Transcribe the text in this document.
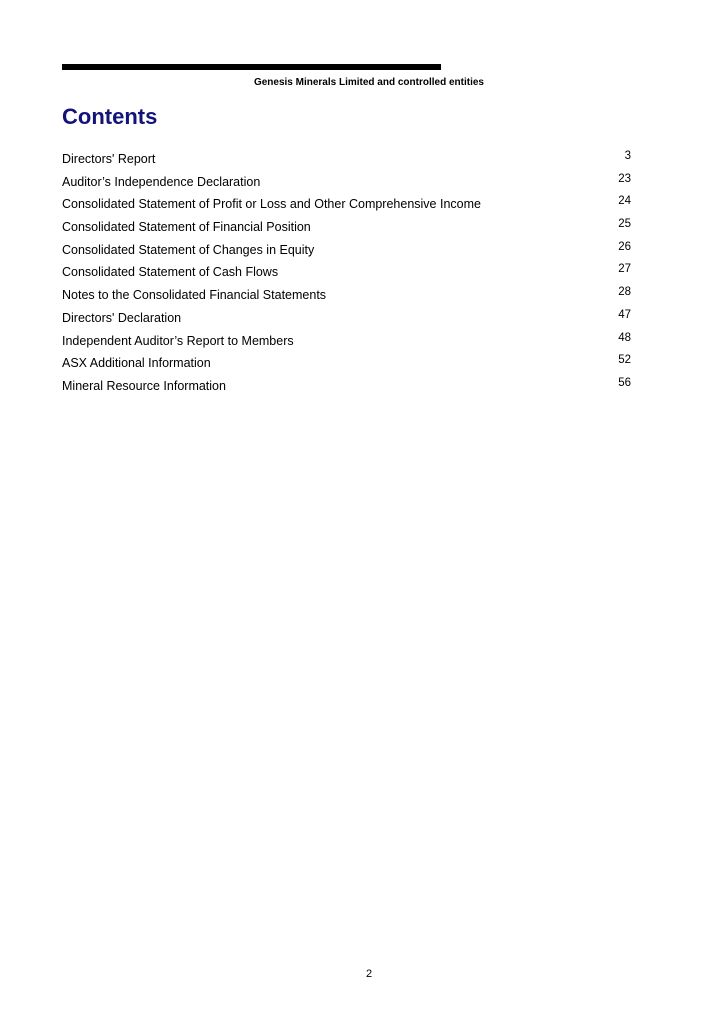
Genesis Minerals Limited and controlled entities
Contents
Directors' Report	3
Auditor’s Independence Declaration	23
Consolidated Statement of Profit or Loss and Other Comprehensive Income	24
Consolidated Statement of Financial Position	25
Consolidated Statement of Changes in Equity	26
Consolidated Statement of Cash Flows	27
Notes to the Consolidated Financial Statements	28
Directors' Declaration	47
Independent Auditor’s Report to Members	48
ASX Additional Information	52
Mineral Resource Information	56
2
